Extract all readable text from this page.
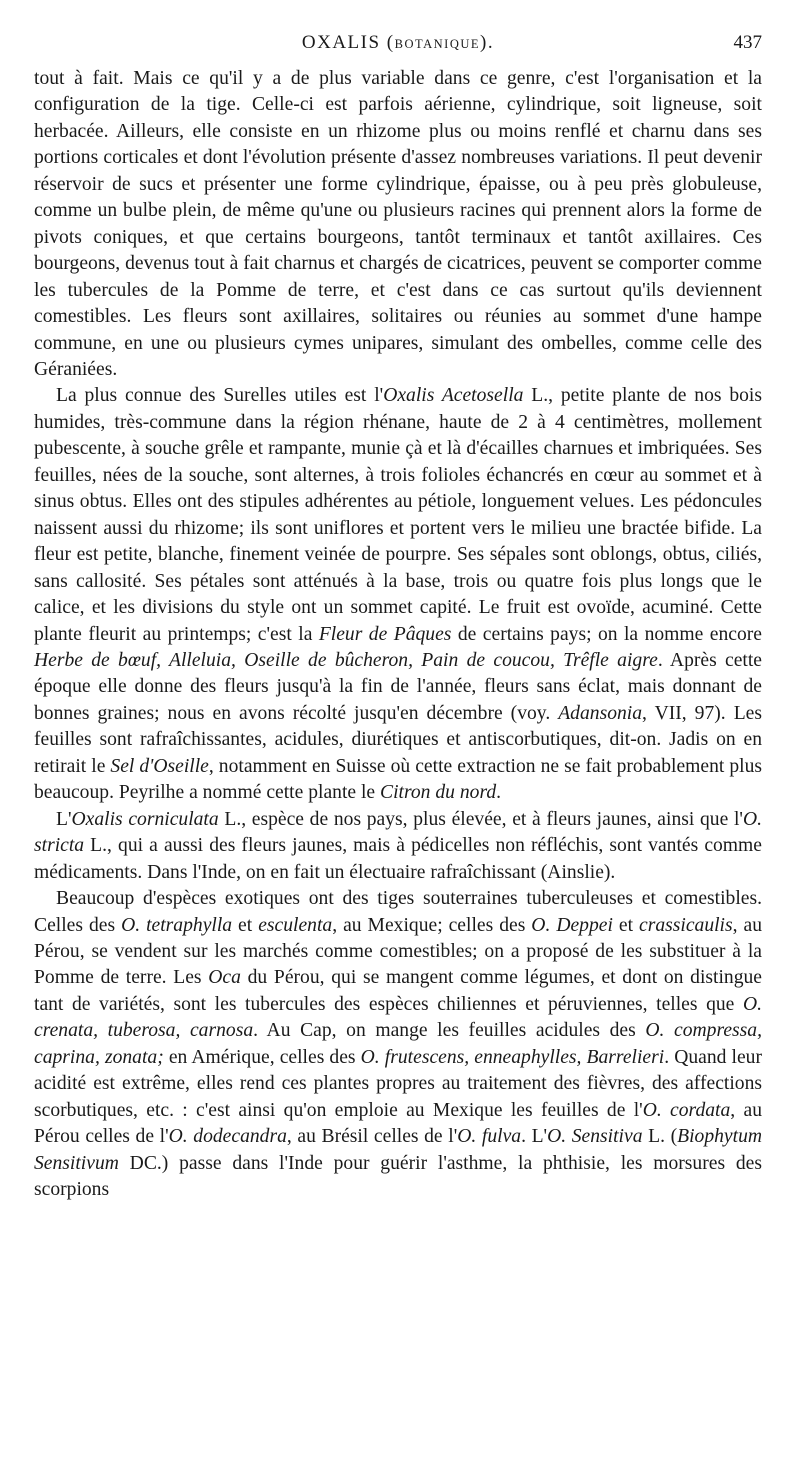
OXALIS (BOTANIQUE).	437

tout à fait. Mais ce qu'il y a de plus variable dans ce genre, c'est l'organisation et la configuration de la tige. Celle-ci est parfois aérienne, cylindrique, soit ligneuse, soit herbacée. Ailleurs, elle consiste en un rhizome plus ou moins renflé et charnu dans ses portions corticales et dont l'évolution présente d'assez nombreuses variations. Il peut devenir réservoir de sucs et présenter une forme cylindrique, épaisse, ou à peu près globuleuse, comme un bulbe plein, de même qu'une ou plusieurs racines qui prennent alors la forme de pivots coniques, et que certains bourgeons, tantôt terminaux et tantôt axillaires. Ces bourgeons, devenus tout à fait charnus et chargés de cicatrices, peuvent se comporter comme les tubercules de la Pomme de terre, et c'est dans ce cas surtout qu'ils deviennent comestibles. Les fleurs sont axillaires, solitaires ou réunies au sommet d'une hampe commune, en une ou plusieurs cymes unipares, simulant des ombelles, comme celle des Géraniées.

La plus connue des Surelles utiles est l'Oxalis Acetosella L., petite plante de nos bois humides, très-commune dans la région rhénane, haute de 2 à 4 centimètres, mollement pubescente, à souche grêle et rampante, munie çà et là d'écailles charnues et imbriquées. Ses feuilles, nées de la souche, sont alternes, à trois folioles échancrés en cœur au sommet et à sinus obtus. Elles ont des stipules adhérentes au pétiole, longuement velues. Les pédoncules naissent aussi du rhizome; ils sont uniflores et portent vers le milieu une bractée bifide. La fleur est petite, blanche, finement veinée de pourpre. Ses sépales sont oblongs, obtus, ciliés, sans callosité. Ses pétales sont atténués à la base, trois ou quatre fois plus longs que le calice, et les divisions du style ont un sommet capité. Le fruit est ovoïde, acuminé. Cette plante fleurit au printemps; c'est la Fleur de Pâques de certains pays; on la nomme encore Herbe de bœuf, Alleluia, Oseille de bûcheron, Pain de coucou, Trêfle aigre. Après cette époque elle donne des fleurs jusqu'à la fin de l'année, fleurs sans éclat, mais donnant de bonnes graines; nous en avons récolté jusqu'en décembre (voy. Adansonia, VII, 97). Les feuilles sont rafraîchissantes, acidules, diurétiques et antiscorbutiques, dit-on. Jadis on en retirait le Sel d'Oseille, notamment en Suisse où cette extraction ne se fait probablement plus beaucoup. Peyrilhe a nommé cette plante le Citron du nord.

L'Oxalis corniculata L., espèce de nos pays, plus élevée, et à fleurs jaunes, ainsi que l'O. stricta L., qui a aussi des fleurs jaunes, mais à pédicelles non réfléchis, sont vantés comme médicaments. Dans l'Inde, on en fait un électuaire rafraîchissant (Ainslie).

Beaucoup d'espèces exotiques ont des tiges souterraines tuberculeuses et comestibles. Celles des O. tetraphylla et esculenta, au Mexique; celles des O. Deppei et crassicaulis, au Pérou, se vendent sur les marchés comme comestibles; on a proposé de les substituer à la Pomme de terre. Les Oca du Pérou, qui se mangent comme légumes, et dont on distingue tant de variétés, sont les tubercules des espèces chiliennes et péruviennes, telles que O. crenata, tuberosa, carnosa. Au Cap, on mange les feuilles acidules des O. compressa, caprina, zonata; en Amérique, celles des O. frutescens, enneaphylles, Barrelieri. Quand leur acidité est extrême, elles rend ces plantes propres au traitement des fièvres, des affections scorbutiques, etc. : c'est ainsi qu'on emploie au Mexique les feuilles de l'O. cordata, au Pérou celles de l'O. dodecandra, au Brésil celles de l'O. fulva. L'O. Sensitiva L. (Biophytum Sensitivum DC.) passe dans l'Inde pour guérir l'asthme, la phthisie, les morsures des scorpions
